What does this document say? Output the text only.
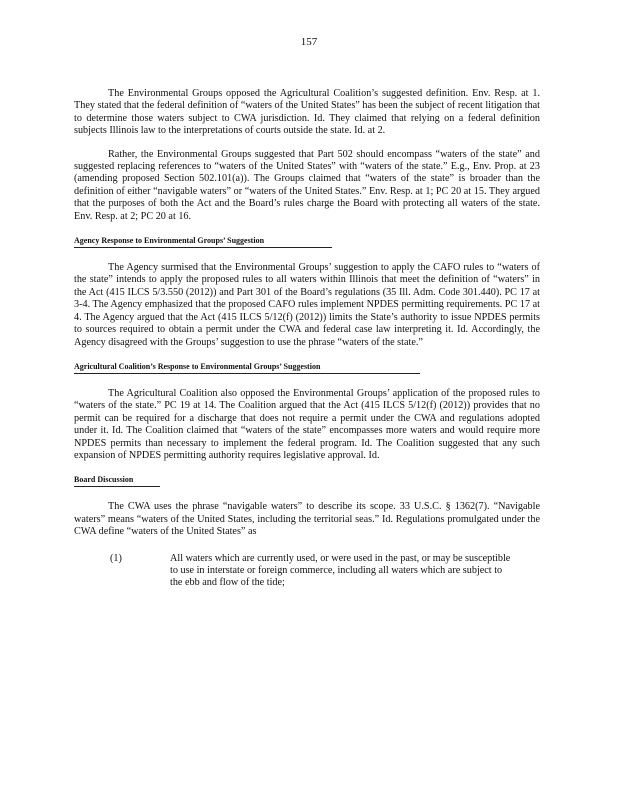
157

The Environmental Groups opposed the Agricultural Coalition’s suggested definition. Env. Resp. at 1. They stated that the federal definition of “waters of the United States” has been the subject of recent litigation that to determine those waters subject to CWA jurisdiction. Id. They claimed that relying on a federal definition subjects Illinois law to the interpretations of courts outside the state. Id. at 2.

Rather, the Environmental Groups suggested that Part 502 should encompass “waters of the state” and suggested replacing references to “waters of the United States” with “waters of the state.” E.g., Env. Prop. at 23 (amending proposed Section 502.101(a)). The Groups claimed that “waters of the state” is broader than the definition of either “navigable waters” or “waters of the United States.” Env. Resp. at 1; PC 20 at 15. They argued that the purposes of both the Act and the Board’s rules charge the Board with protecting all waters of the state. Env. Resp. at 2; PC 20 at 16.

Agency Response to Environmental Groups’ Suggestion

The Agency surmised that the Environmental Groups’ suggestion to apply the CAFO rules to “waters of the state” intends to apply the proposed rules to all waters within Illinois that meet the definition of “waters” in the Act (415 ILCS 5/3.550 (2012)) and Part 301 of the Board’s regulations (35 Ill. Adm. Code 301.440). PC 17 at 3-4. The Agency emphasized that the proposed CAFO rules implement NPDES permitting requirements. PC 17 at 4. The Agency argued that the Act (415 ILCS 5/12(f) (2012)) limits the State’s authority to issue NPDES permits to sources required to obtain a permit under the CWA and federal case law interpreting it. Id. Accordingly, the Agency disagreed with the Groups’ suggestion to use the phrase “waters of the state.”

Agricultural Coalition’s Response to Environmental Groups’ Suggestion

The Agricultural Coalition also opposed the Environmental Groups’ application of the proposed rules to “waters of the state.” PC 19 at 14. The Coalition argued that the Act (415 ILCS 5/12(f) (2012)) provides that no permit can be required for a discharge that does not require a permit under the CWA and regulations adopted under it. Id. The Coalition claimed that “waters of the state” encompasses more waters and would require more NPDES permits than necessary to implement the federal program. Id. The Coalition suggested that any such expansion of NPDES permitting authority requires legislative approval. Id.

Board Discussion

The CWA uses the phrase “navigable waters” to describe its scope. 33 U.S.C. § 1362(7). “Navigable waters” means “waters of the United States, including the territorial seas.” Id. Regulations promulgated under the CWA define “waters of the United States” as

(1)	All waters which are currently used, or were used in the past, or may be susceptible to use in interstate or foreign commerce, including all waters which are subject to the ebb and flow of the tide;
